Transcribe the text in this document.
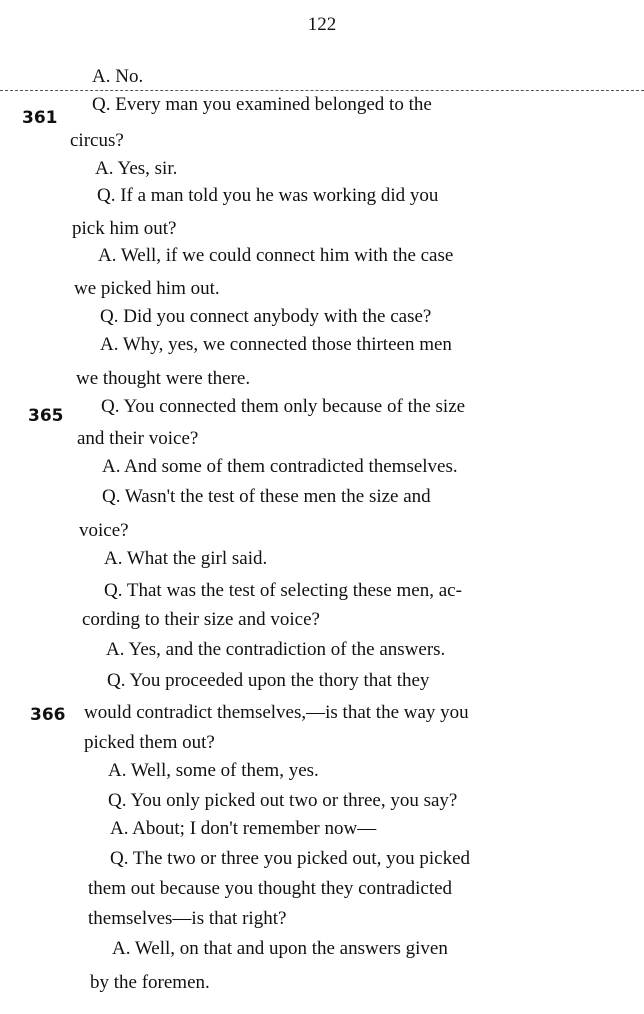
122
361
365
366
A. No.
Q. Every man you examined belonged to the
circus?
A. Yes, sir.
Q. If a man told you he was working did you
pick him out?
A. Well, if we could connect him with the case
we picked him out.
Q. Did you connect anybody with the case?
A. Why, yes, we connected those thirteen men
we thought were there.
Q. You connected them only because of the size
and their voice?
A. And some of them contradicted themselves.
Q. Wasn't the test of these men the size and
voice?
A. What the girl said.
Q. That was the test of selecting these men, ac-
cording to their size and voice?
A. Yes, and the contradiction of the answers.
Q. You proceeded upon the thory that they
would contradict themselves,—is that the way you
picked them out?
A. Well, some of them, yes.
Q. You only picked out two or three, you say?
A. About; I don't remember now—
Q. The two or three you picked out, you picked
them out because you thought they contradicted
themselves—is that right?
A. Well, on that and upon the answers given
by the foremen.
